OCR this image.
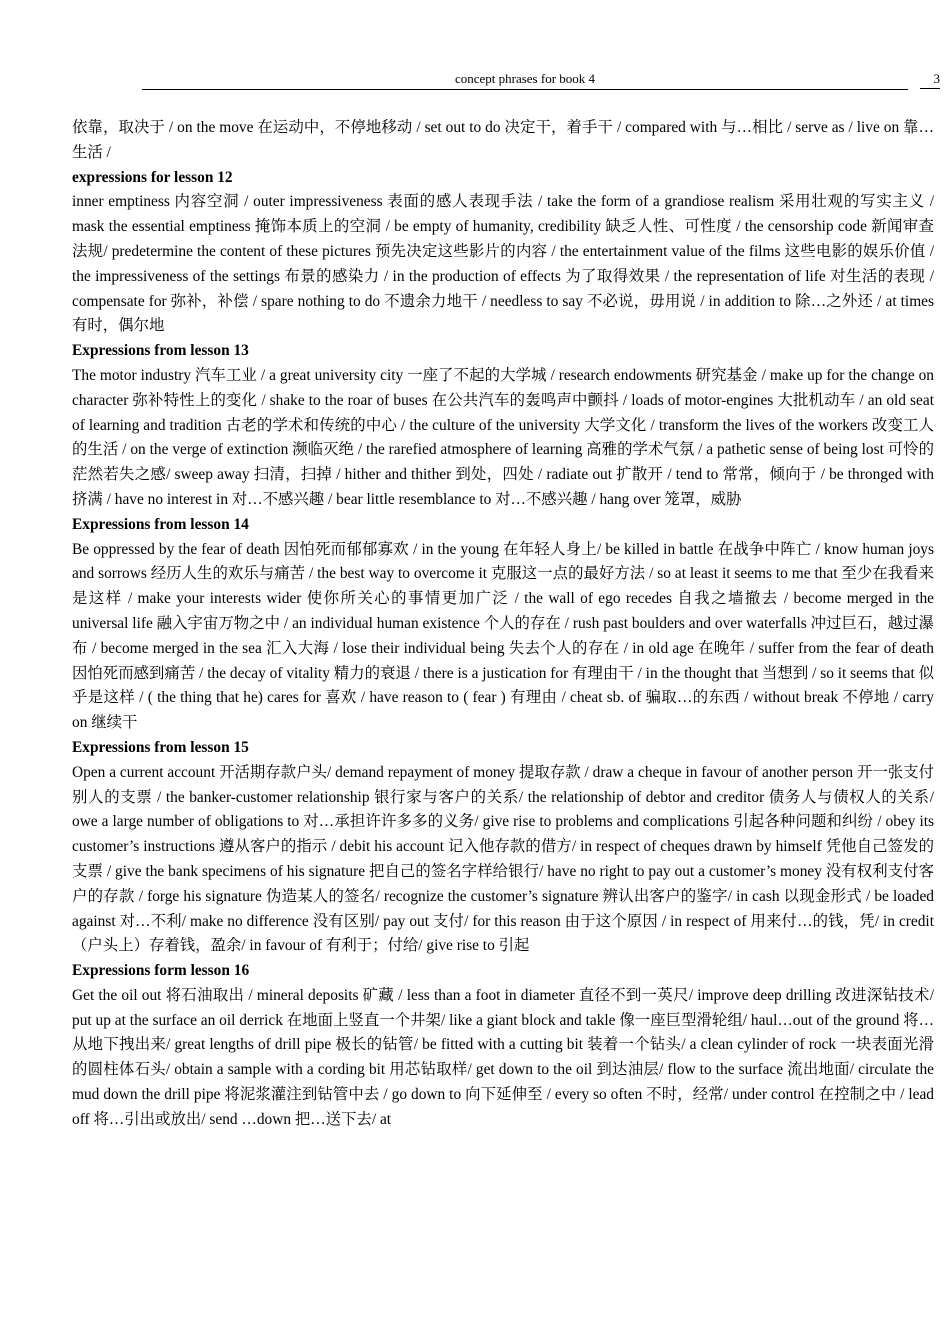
concept phrases for book 4	3

依靠，取决于 / on the move 在运动中，不停地移动 / set out to do 决定干，着手干 / compared with 与…相比 / serve as / live on 靠…生活 /

expressions for lesson 12

inner emptiness 内容空洞 / outer impressiveness 表面的感人表现手法 / take the form of a grandiose realism 采用壮观的写实主义 / mask the essential emptiness 掩饰本质上的空洞 / be empty of humanity, credibility 缺乏人性、可性度 / the censorship code 新闻审查法规/ predetermine the content of these pictures 预先决定这些影片的内容 / the entertainment value of the films 这些电影的娱乐价值 / the impressiveness of the settings 布景的感染力 / in the production of effects 为了取得效果 / the representation of life 对生活的表现 / compensate for 弥补，补偿 / spare nothing to do 不遗余力地干 / needless to say 不必说，毋用说 / in addition to 除…之外还 / at times 有时，偶尔地

Expressions from lesson 13

The motor industry 汽车工业 / a great university city 一座了不起的大学城 / research endowments 研究基金 / make up for the change on character 弥补特性上的变化 / shake to the roar of buses 在公共汽车的轰鸣声中颤抖 / loads of motor-engines 大批机动车 / an old seat of learning and tradition 古老的学术和传统的中心 / the culture of the university 大学文化 / transform the lives of the workers 改变工人的生活 / on the verge of extinction 濒临灭绝 / the rarefied atmosphere of learning 高雅的学术气氛 / a pathetic sense of being lost 可怜的茫然若失之感/ sweep away 扫清，扫掉 / hither and thither 到处，四处 / radiate out 扩散开 / tend to 常常，倾向于 / be thronged with 挤满 / have no interest in 对…不感兴趣 / bear little resemblance to 对…不感兴趣 / hang over 笼罩，威胁

Expressions from lesson 14

Be oppressed by the fear of death 因怕死而郁郁寡欢 / in the young 在年轻人身上/ be killed in battle 在战争中阵亡 / know human joys and sorrows 经历人生的欢乐与痛苦 / the best way to overcome it 克服这一点的最好方法 / so at least it seems to me that 至少在我看来是这样 / make your interests wider 使你所关心的事情更加广泛 / the wall of ego recedes 自我之墙撤去 / become merged in the universal life 融入宇宙万物之中 / an individual human existence 个人的存在 / rush past boulders and over waterfalls 冲过巨石，越过瀑布 / become merged in the sea 汇入大海 / lose their individual being 失去个人的存在 / in old age 在晚年 / suffer from the fear of death 因怕死而感到痛苦 / the decay of vitality 精力的衰退 / there is a justication for 有理由干 / in the thought that 当想到 / so it seems that 似乎是这样 / ( the thing that he) cares for 喜欢 / have reason to ( fear ) 有理由 / cheat sb. of 骗取…的东西 / without break 不停地 / carry on 继续干

Expressions from lesson 15

Open a current account 开活期存款户头/ demand repayment of money 提取存款 / draw a cheque in favour of another person 开一张支付别人的支票 / the banker-customer relationship 银行家与客户的关系/ the relationship of debtor and creditor 债务人与债权人的关系/ owe a large number of obligations to 对…承担许许多多的义务/ give rise to problems and complications 引起各种问题和纠纷 / obey its customer’s instructions 遵从客户的指示 / debit his account 记入他存款的借方/ in respect of cheques drawn by himself 凭他自己签发的支票 / give the bank specimens of his signature 把自己的签名字样给银行/ have no right to pay out a customer’s money 没有权利支付客户的存款 / forge his signature 伪造某人的签名/ recognize the customer’s signature 辨认出客户的鉴字/ in cash 以现金形式 / be loaded against 对…不利/ make no difference 没有区别/ pay out 支付/ for this reason 由于这个原因 / in respect of 用来付…的钱，凭/ in credit （户头上）存着钱，盈余/ in favour of 有利于；付给/ give rise to 引起

Expressions form lesson 16

Get the oil out 将石油取出 / mineral deposits 矿藏 / less than a foot in diameter 直径不到一英尺/ improve deep drilling 改进深钻技术/ put up at the surface an oil derrick 在地面上竖直一个井架/ like a giant block and takle 像一座巨型滑轮组/ haul…out of the ground 将…从地下拽出来/ great lengths of drill pipe 极长的钻管/ be fitted with a cutting bit 装着一个钻头/ a clean cylinder of rock 一块表面光滑的圆柱体石头/ obtain a sample with a cording bit 用芯钻取样/ get down to the oil 到达油层/ flow to the surface 流出地面/ circulate the mud down the drill pipe 将泥浆灌注到钻管中去 / go down to 向下延伸至 / every so often 不时，经常/ under control 在控制之中 / lead off 将…引出或放出/ send …down 把…送下去/ at
